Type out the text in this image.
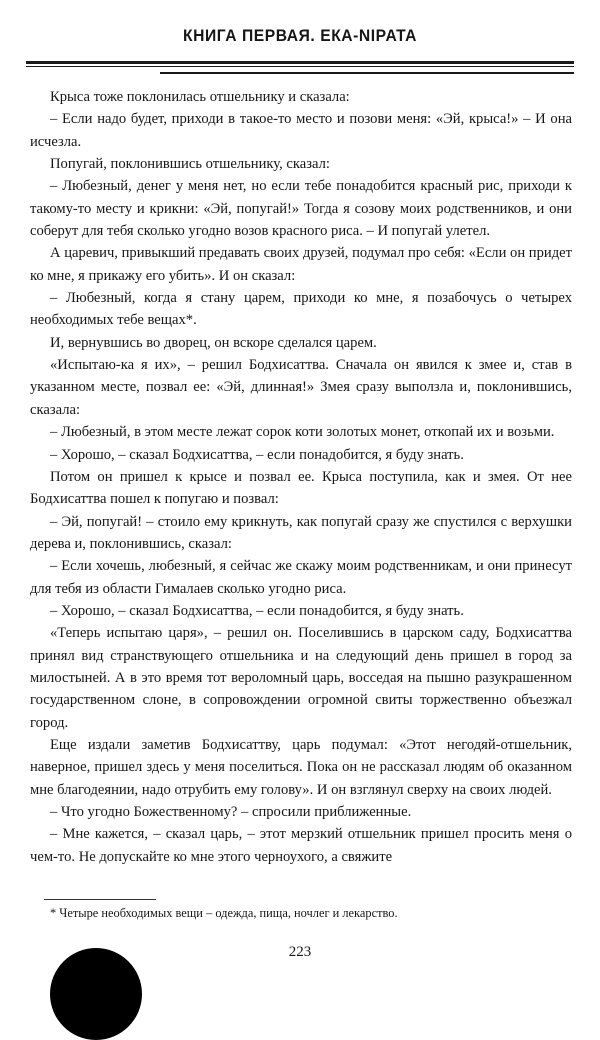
КНИГА ПЕРВАЯ. ЕКА-NIPATA

Крыса тоже поклонилась отшельнику и сказала:

– Если надо будет, приходи в такое-то место и позови меня: «Эй, крыса!» – И она исчезла.

Попугай, поклонившись отшельнику, сказал:

– Любезный, денег у меня нет, но если тебе понадобится красный рис, приходи к такому-то месту и крикни: «Эй, попугай!» Тогда я созову моих родственников, и они соберут для тебя сколько угодно возов красного риса. – И попугай улетел.

А царевич, привыкший предавать своих друзей, подумал про себя: «Если он придет ко мне, я прикажу его убить». И он сказал:

– Любезный, когда я стану царем, приходи ко мне, я позабочусь о четырех необходимых тебе вещах*.

И, вернувшись во дворец, он вскоре сделался царем.

«Испытаю-ка я их», – решил Бодхисаттва. Сначала он явился к змее и, став в указанном месте, позвал ее: «Эй, длинная!» Змея сразу выползла и, поклонившись, сказала:

– Любезный, в этом месте лежат сорок коти золотых монет, откопай их и возьми.

– Хорошо, – сказал Бодхисаттва, – если понадобится, я буду знать.

Потом он пришел к крысе и позвал ее. Крыса поступила, как и змея. От нее Бодхисаттва пошел к попугаю и позвал:

– Эй, попугай! – стоило ему крикнуть, как попугай сразу же спустился с верхушки дерева и, поклонившись, сказал:

– Если хочешь, любезный, я сейчас же скажу моим родственникам, и они принесут для тебя из области Гималаев сколько угодно риса.

– Хорошо, – сказал Бодхисаттва, – если понадобится, я буду знать.

«Теперь испытаю царя», – решил он. Поселившись в царском саду, Бодхисаттва принял вид странствующего отшельника и на следующий день пришел в город за милостыней. А в это время тот вероломный царь, восседая на пышно разукрашенном государственном слоне, в сопровождении огромной свиты торжественно объезжал город.

Еще издали заметив Бодхисаттву, царь подумал: «Этот негодяй-отшельник, наверное, пришел здесь у меня поселиться. Пока он не рассказал людям об оказанном мне благодеянии, надо отрубить ему голову». И он взглянул сверху на своих людей.

– Что угодно Божественному? – спросили приближенные.

– Мне кажется, – сказал царь, – этот мерзкий отшельник пришел просить меня о чем-то. Не допускайте ко мне этого черноухого, а свяжите

* Четыре необходимых вещи – одежда, пища, ночлег и лекарство.
223
